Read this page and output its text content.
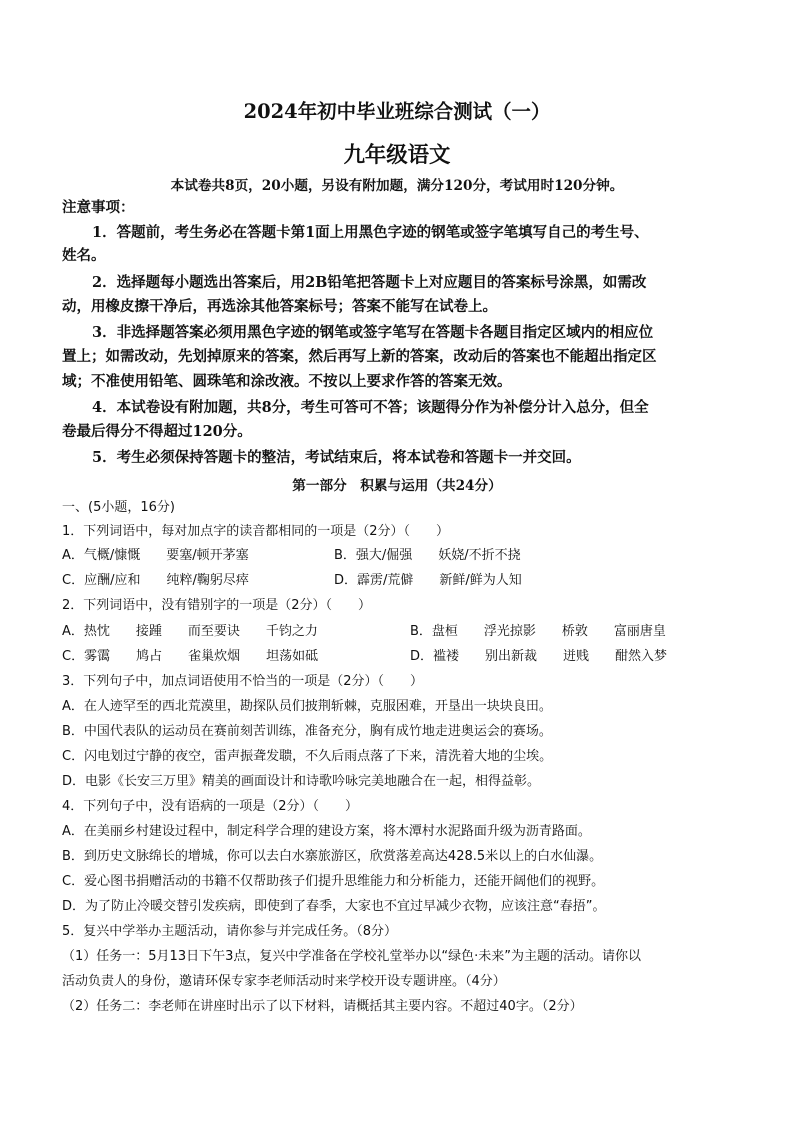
2024年初中毕业班综合测试（一）
九年级语文
本试卷共8页，20小题，另设有附加题，满分120分，考试用时120分钟。
注意事项：
1．答题前，考生务必在答题卡第1面上用黑色字迹的钢笔或签字笔填写自己的考生号、
姓名。
2．选择题每小题选出答案后，用2B铅笔把答题卡上对应题目的答案标号涂黑，如需改
动，用橡皮擦干净后，再选涂其他答案标号；答案不能写在试卷上。
3．非选择题答案必须用黑色字迹的钢笔或签字笔写在答题卡各题目指定区域内的相应位
置上；如需改动，先划掉原来的答案，然后再写上新的答案，改动后的答案也不能超出指定区
域；不准使用铅笔、圆珠笔和涂改液。不按以上要求作答的答案无效。
4．本试卷设有附加题，共8分，考生可答可不答；该题得分作为补偿分计入总分，但全
卷最后得分不得超过120分。
5．考生必须保持答题卡的整洁，考试结束后，将本试卷和答题卡一并交回。
第一部分　积累与运用（共24分）
一、(5小题，16分)
1．下列词语中，每对加点字的读音都相同的一项是（2分）（　　）
A．气概/慷慨　　要塞/顿开茅塞	B．强大/倔强　　妖娆/不折不挠
C．应酬/应和　　纯粹/鞠躬尽瘁	D．霹雳/荒僻　　新鲜/鲜为人知
2．下列词语中，没有错别字的一项是（2分）（　　）
A．热忱　　接踵　　而至要诀　　千钧之力	B．盘桓　　浮光掠影　　桥敦　　富丽唐皇
C．雾霭　　鸠占　　雀巢炊烟　　坦荡如砥	D．褴褛　　别出新裁　　迸贱　　酣然入梦
3．下列句子中，加点词语使用不恰当的一项是（2分）（　　）
A．在人迹罕至的西北荒漠里，勘探队员们披荆斩棘，克服困难，开垦出一块块良田。
B．中国代表队的运动员在赛前刻苦训练，准备充分，胸有成竹地走进奥运会的赛场。
C．闪电划过宁静的夜空，雷声振聋发聩，不久后雨点落了下来，清洗着大地的尘埃。
D．电影《长安三万里》精美的画面设计和诗歌吟咏完美地融合在一起，相得益彰。
4．下列句子中，没有语病的一项是（2分）（　　）
A．在美丽乡村建设过程中，制定科学合理的建设方案，将木潭村水泥路面升级为沥青路面。
B．到历史文脉绵长的增城，你可以去白水寨旅游区，欣赏落差高达428.5米以上的白水仙瀑。
C．爱心图书捐赠活动的书籍不仅帮助孩子们提升思维能力和分析能力，还能开阔他们的视野。
D．为了防止冷暖交替引发疾病，即使到了春季，大家也不宜过早减少衣物，应该注意“春捂”。
5．复兴中学举办主题活动，请你参与并完成任务。（8分）
（1）任务一：5月13日下午3点，复兴中学准备在学校礼堂举办以“绿色·未来”为主题的活动。请你以
活动负责人的身份，邀请环保专家李老师活动时来学校开设专题讲座。（4分）
（2）任务二：李老师在讲座时出示了以下材料，请概括其主要内容。不超过40字。（2分）
